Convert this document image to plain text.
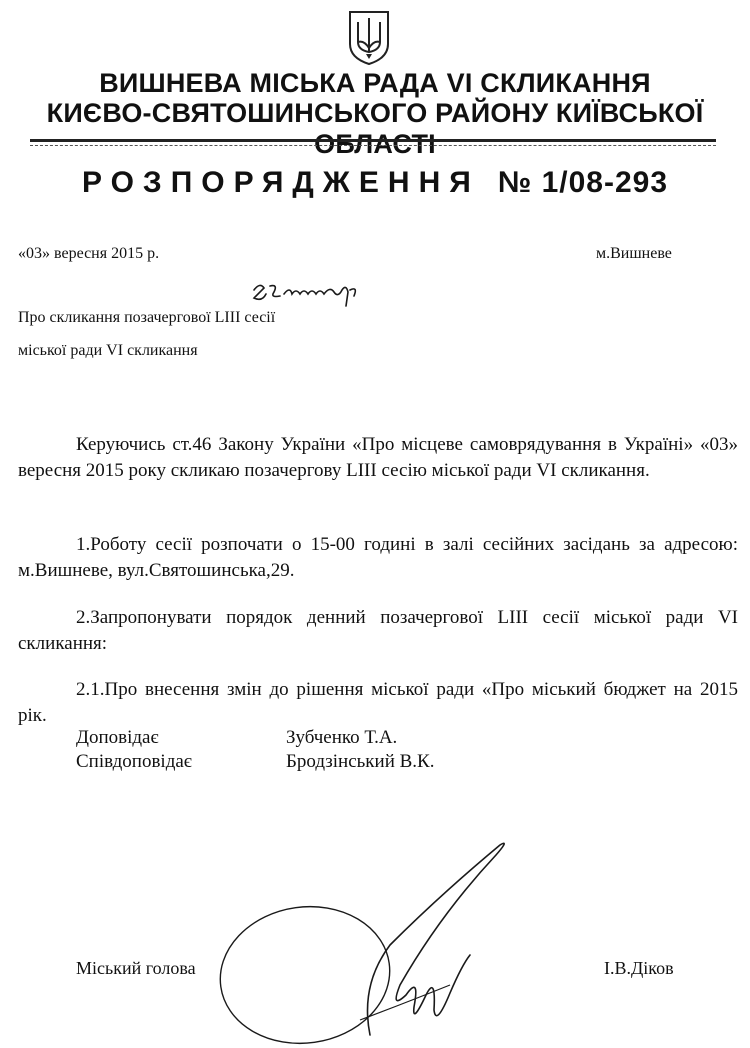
ВИШНЕВА МІСЬКА РАДА VI СКЛИКАННЯ
КИЄВО-СВЯТОШИНСЬКОГО РАЙОНУ КИЇВСЬКОЇ ОБЛАСТІ
РОЗПОРЯДЖЕННЯ № 1/08-293
«03» вересня 2015 р.	м.Вишневе
Про скликання позачергової LIII сесії
міської ради VI скликання
Керуючись ст.46 Закону України «Про місцеве самоврядування в Україні» «03» вересня 2015 року скликаю позачергову LIII сесію міської ради VI скликання.
1.Роботу сесії розпочати о 15-00 годині в залі сесійних засідань за адресою: м.Вишневе, вул.Святошинська,29.
2.Запропонувати порядок денний позачергової LIII сесії міської ради VI скликання:
2.1.Про внесення змін до рішення міської ради «Про міський бюджет на 2015 рік.
Доповідає	Зубченко Т.А.
Співдоповідає	Бродзінський В.К.
Міський голова	І.В.Діков
